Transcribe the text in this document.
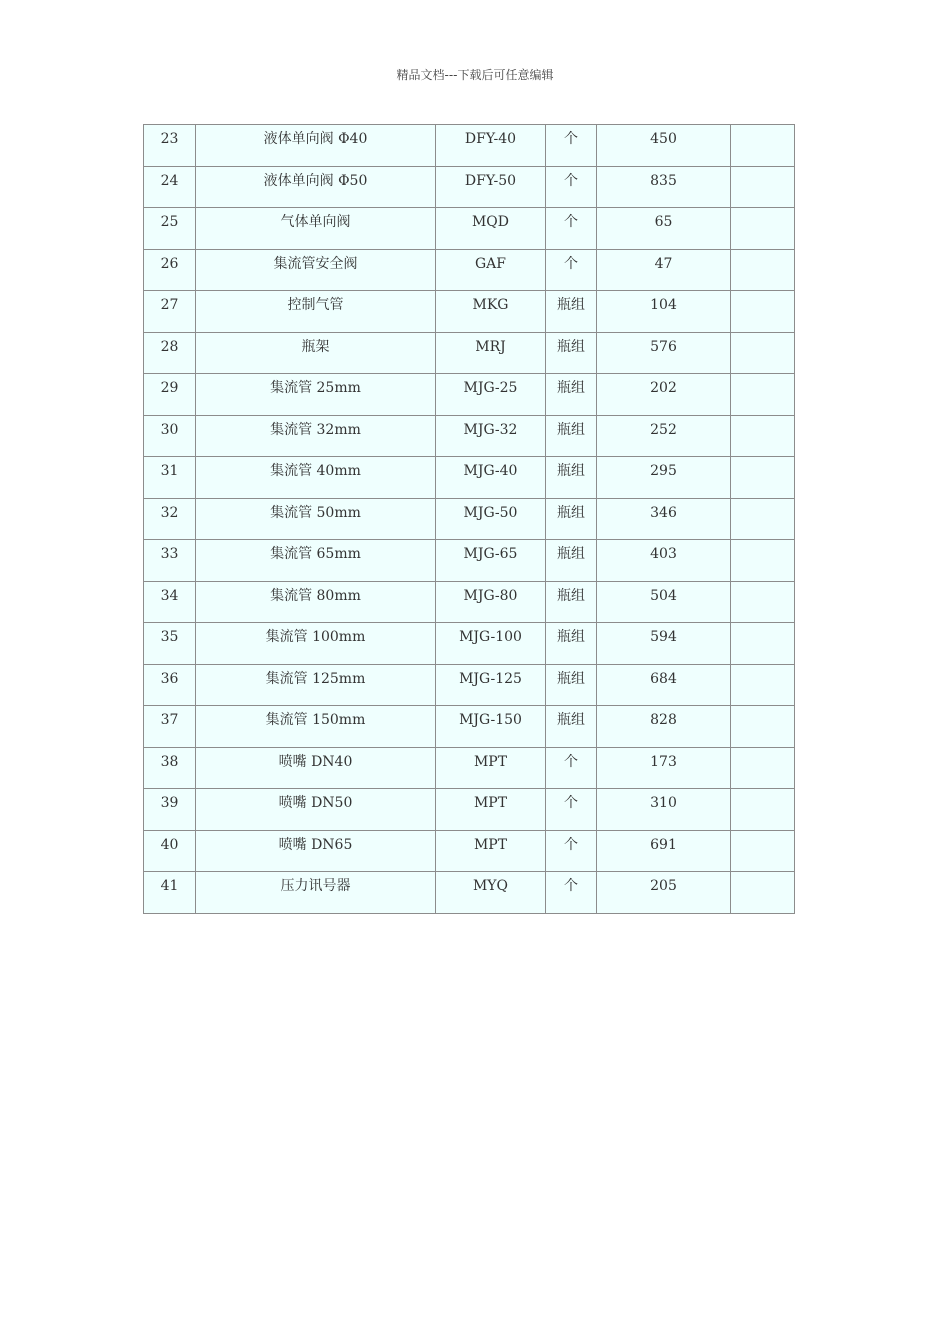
精品文档---下载后可任意编辑
23	液体单向阀 Φ40	DFY-40	个	450	

24	液体单向阀 Φ50	DFY-50	个	835	

25	气体单向阀	MQD	个	65	

26	集流管安全阀	GAF	个	47	

27	控制气管	MKG	瓶组	104	

28	瓶架	MRJ	瓶组	576	

29	集流管 25mm	MJG-25	瓶组	202	

30	集流管 32mm	MJG-32	瓶组	252	

31	集流管 40mm	MJG-40	瓶组	295	

32	集流管 50mm	MJG-50	瓶组	346	

33	集流管 65mm	MJG-65	瓶组	403	

34	集流管 80mm	MJG-80	瓶组	504	

35	集流管 100mm	MJG-100	瓶组	594	

36	集流管 125mm	MJG-125	瓶组	684	

37	集流管 150mm	MJG-150	瓶组	828	

38	喷嘴 DN40	MPT	个	173	

39	喷嘴 DN50	MPT	个	310	

40	喷嘴 DN65	MPT	个	691	

41	压力讯号器	MYQ	个	205	
